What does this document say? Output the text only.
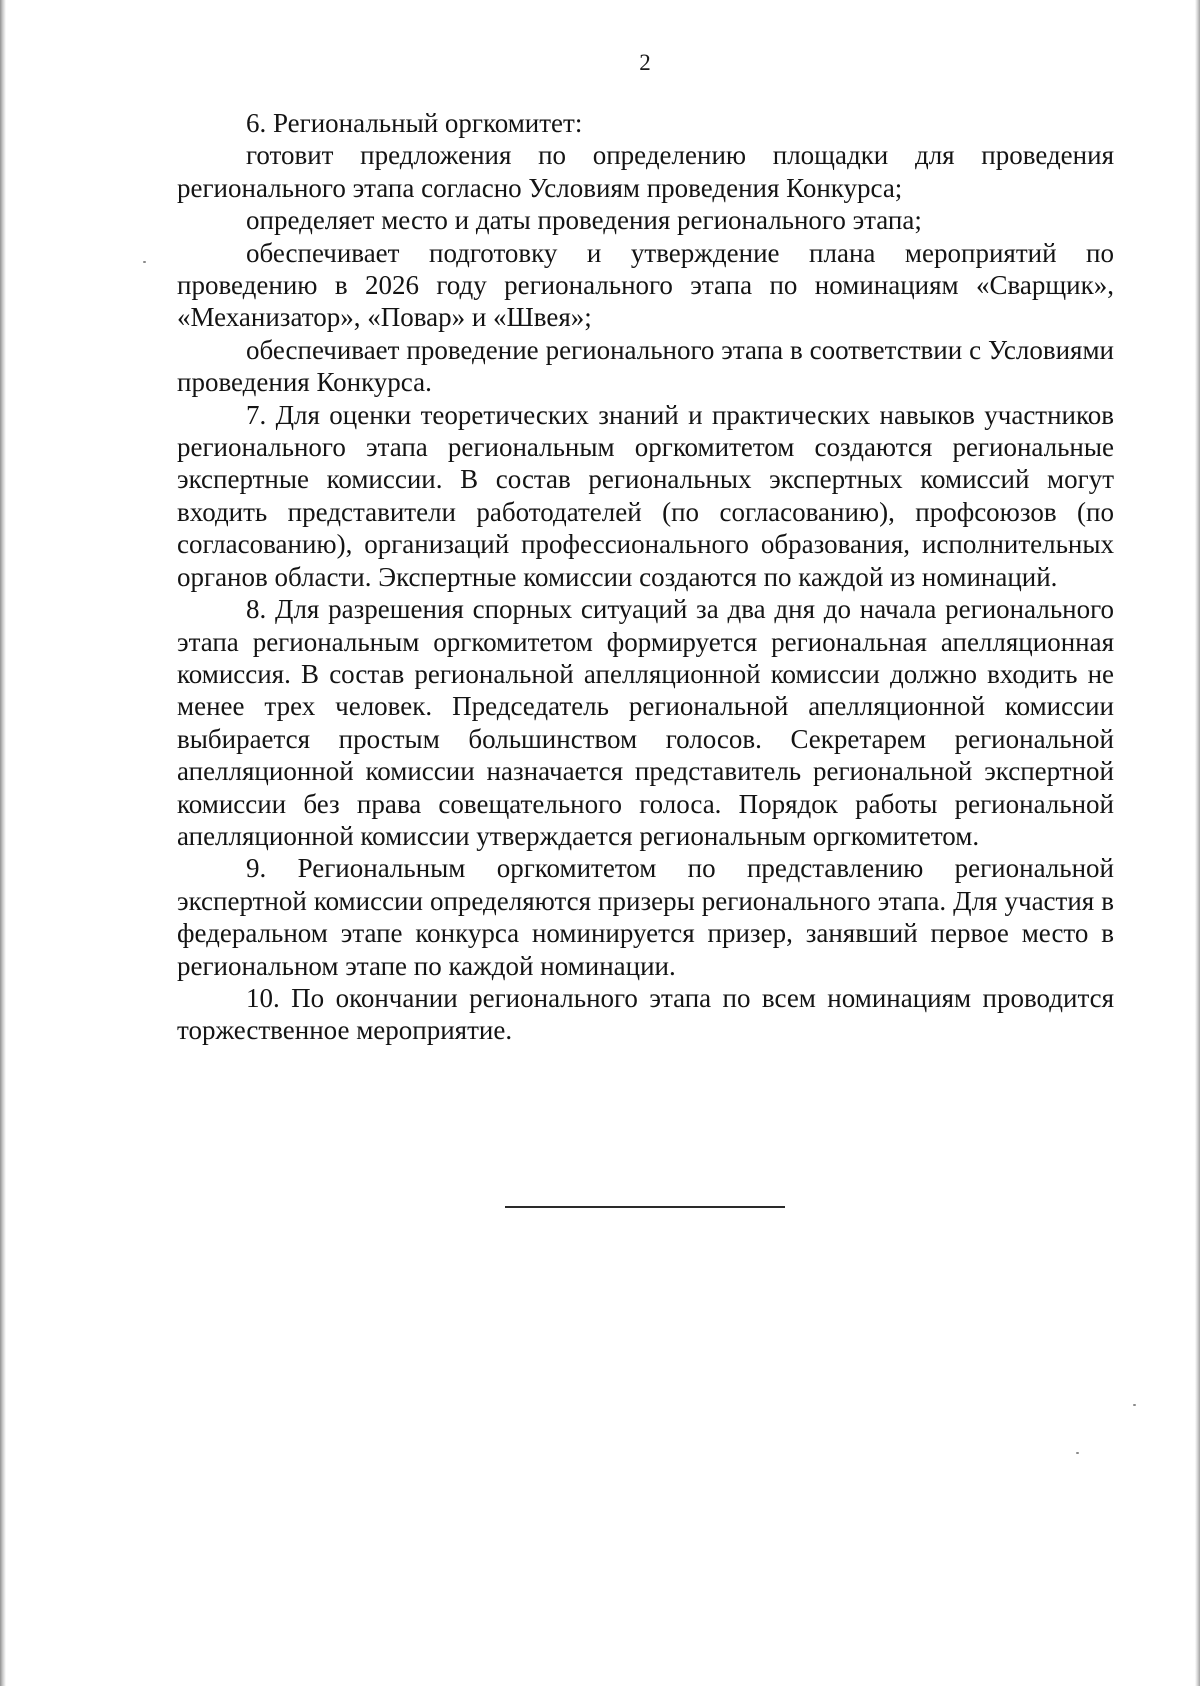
2

6. Региональный оргкомитет:

готовит предложения по определению площадки для проведения регионального этапа согласно Условиям проведения Конкурса;

определяет место и даты проведения регионального этапа;

обеспечивает подготовку и утверждение плана мероприятий по проведению в 2026 году регионального этапа по номинациям «Сварщик», «Механизатор», «Повар» и «Швея»;

обеспечивает проведение регионального этапа в соответствии с Условиями проведения Конкурса.

7. Для оценки теоретических знаний и практических навыков участников регионального этапа региональным оргкомитетом создаются региональные экспертные комиссии. В состав региональных экспертных комиссий могут входить представители работодателей (по согласованию), профсоюзов (по согласованию), организаций профессионального образования, исполнительных органов области. Экспертные комиссии создаются по каждой из номинаций.

8. Для разрешения спорных ситуаций за два дня до начала регионального этапа региональным оргкомитетом формируется региональная апелляционная комиссия. В состав региональной апелляционной комиссии должно входить не менее трех человек. Председатель региональной апелляционной комиссии выбирается простым большинством голосов. Секретарем региональной апелляционной комиссии назначается представитель региональной экспертной комиссии без права совещательного голоса. Порядок работы региональной апелляционной комиссии утверждается региональным оргкомитетом.

9. Региональным оргкомитетом по представлению региональной экспертной комиссии определяются призеры регионального этапа. Для участия в федеральном этапе конкурса номинируется призер, занявший первое место в региональном этапе по каждой номинации.

10. По окончании регионального этапа по всем номинациям проводится торжественное мероприятие.
